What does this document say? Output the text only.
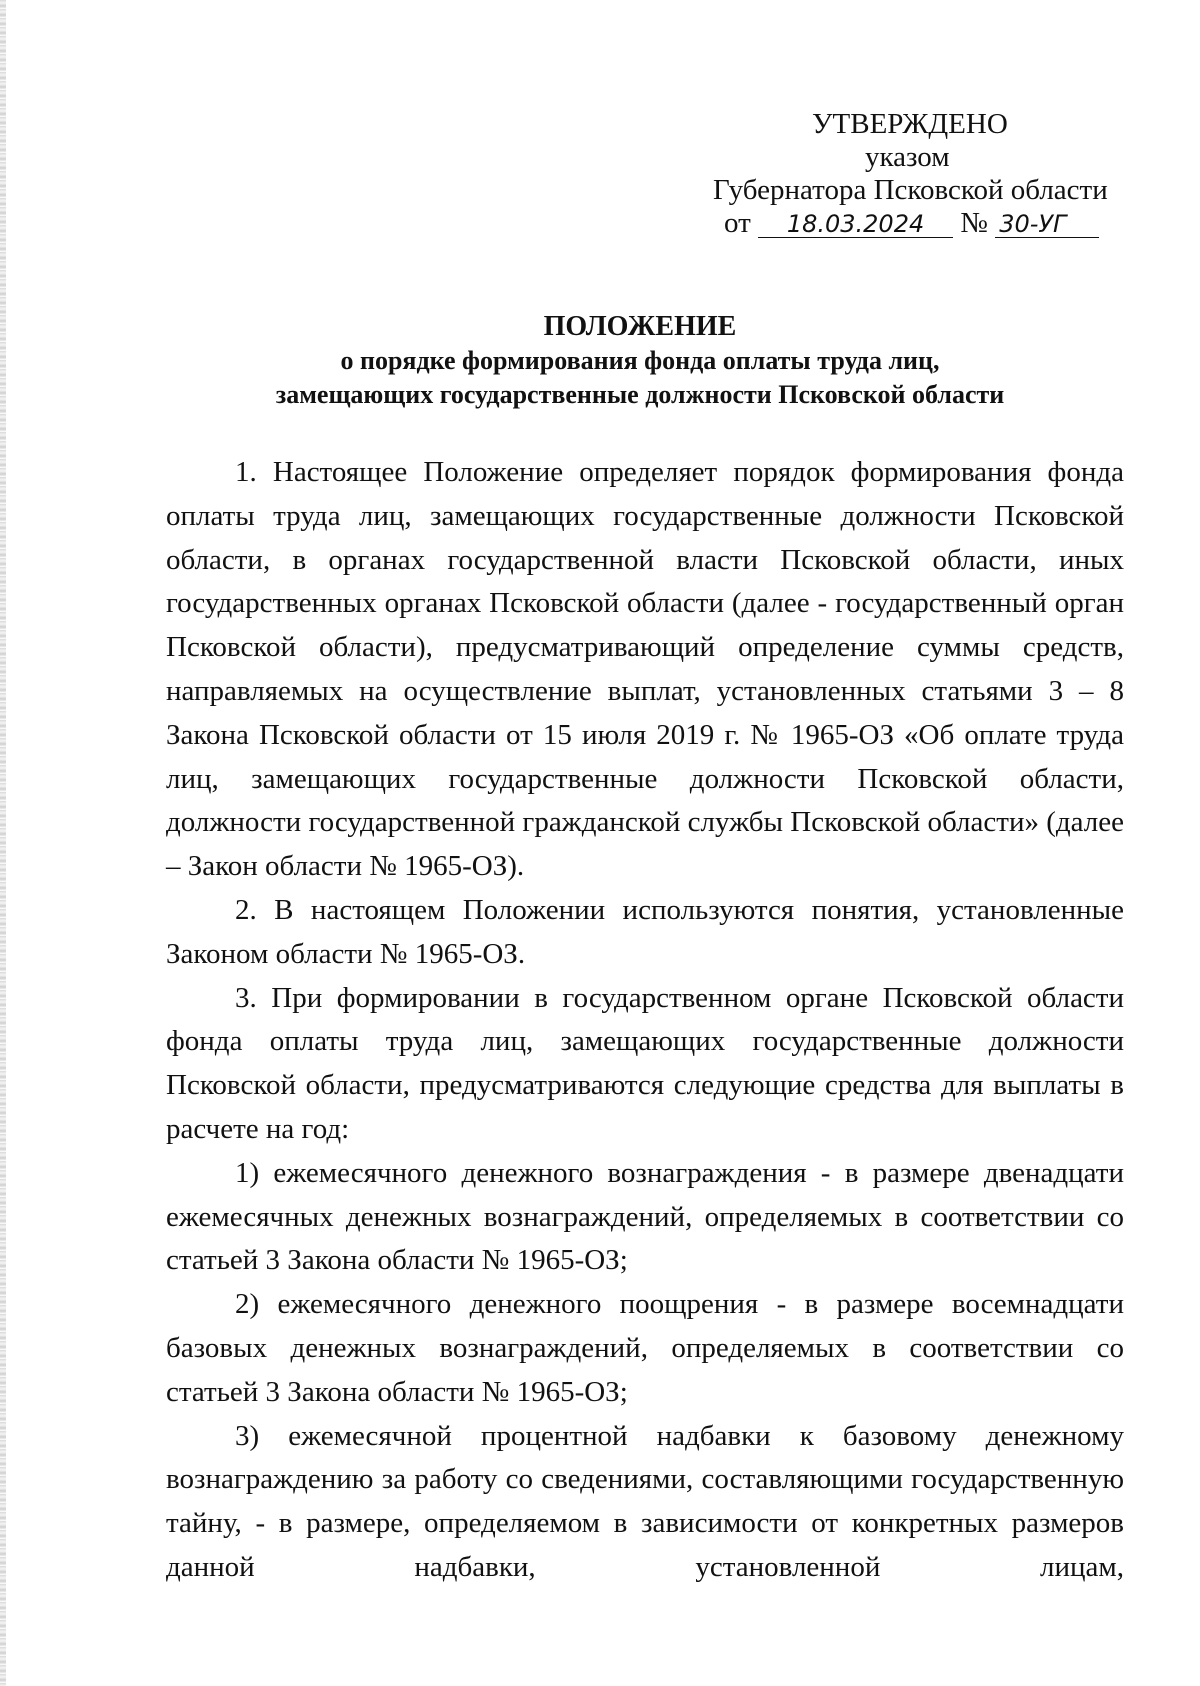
УТВЕРЖДЕНО
указом
Губернатора Псковской области
от 18.03.2024 № 30-УГ
ПОЛОЖЕНИЕ
о порядке формирования фонда оплаты труда лиц,
замещающих государственные должности Псковской области

1. Настоящее Положение определяет порядок формирования фонда оплаты труда лиц, замещающих государственные должности Псковской области, в органах государственной власти Псковской области, иных государственных органах Псковской области (далее - государственный орган Псковской области), предусматривающий определение суммы средств, направляемых на осуществление выплат, установленных статьями 3 – 8 Закона Псковской области от 15 июля 2019 г. № 1965-ОЗ «Об оплате труда лиц, замещающих государственные должности Псковской области, должности государственной гражданской службы Псковской области» (далее – Закон области № 1965-ОЗ).

2. В настоящем Положении используются понятия, установленные Законом области № 1965-ОЗ.

3. При формировании в государственном органе Псковской области фонда оплаты труда лиц, замещающих государственные должности Псковской области, предусматриваются следующие средства для выплаты в расчете на год:

1) ежемесячного денежного вознаграждения - в размере двенадцати ежемесячных денежных вознаграждений, определяемых в соответствии со статьей 3 Закона области № 1965-ОЗ;

2) ежемесячного денежного поощрения - в размере восемнадцати базовых денежных вознаграждений, определяемых в соответствии со статьей 3 Закона области № 1965-ОЗ;

3) ежемесячной процентной надбавки к базовому денежному вознаграждению за работу со сведениями, составляющими государственную тайну, - в размере, определяемом в зависимости от конкретных размеров данной надбавки, установленной лицам,
